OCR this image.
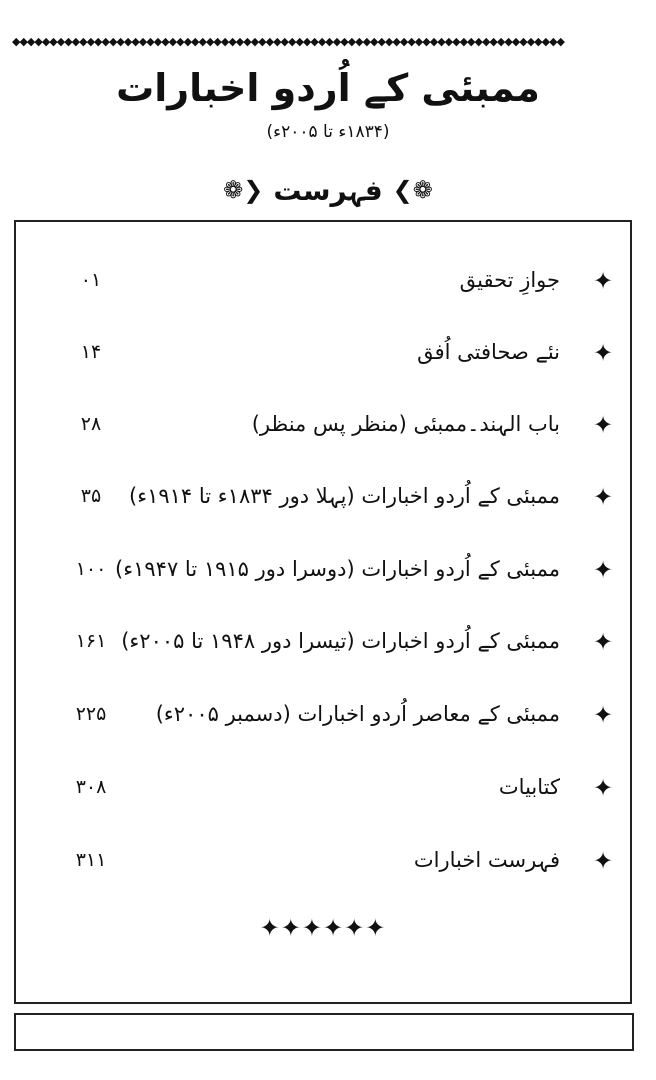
◆◆◆◆◆◆◆◆◆◆◆◆◆◆◆◆◆◆◆◆◆◆◆◆◆◆◆◆◆◆◆◆◆◆◆◆◆◆◆◆◆◆◆◆◆◆◆◆◆◆◆◆◆◆◆◆◆◆◆◆◆◆◆◆◆◆◆◆◆◆◆◆◆◆
ممبئی کے اُردو اخبارات
(۱۸۳۴ء تا ۲۰۰۵ء)
❁❯ فہرست ❮❁
✦
جوازِ تحقیق
۰۱
✦
نئے صحافتی اُفق
۱۴
✦
باب الہند۔ممبئی (منظر پس منظر)
۲۸
✦
ممبئی کے اُردو اخبارات (پہلا دور ۱۸۳۴ء تا ۱۹۱۴ء)
۳۵
✦
ممبئی کے اُردو اخبارات (دوسرا دور ۱۹۱۵ تا ۱۹۴۷ء)
۱۰۰
✦
ممبئی کے اُردو اخبارات (تیسرا دور ۱۹۴۸ تا ۲۰۰۵ء)
۱۶۱
✦
ممبئی کے معاصر اُردو اخبارات (دسمبر ۲۰۰۵ء)
۲۲۵
✦
کتابیات
۳۰۸
✦
فہرست اخبارات
۳۱۱
✦✦✦✦✦✦
